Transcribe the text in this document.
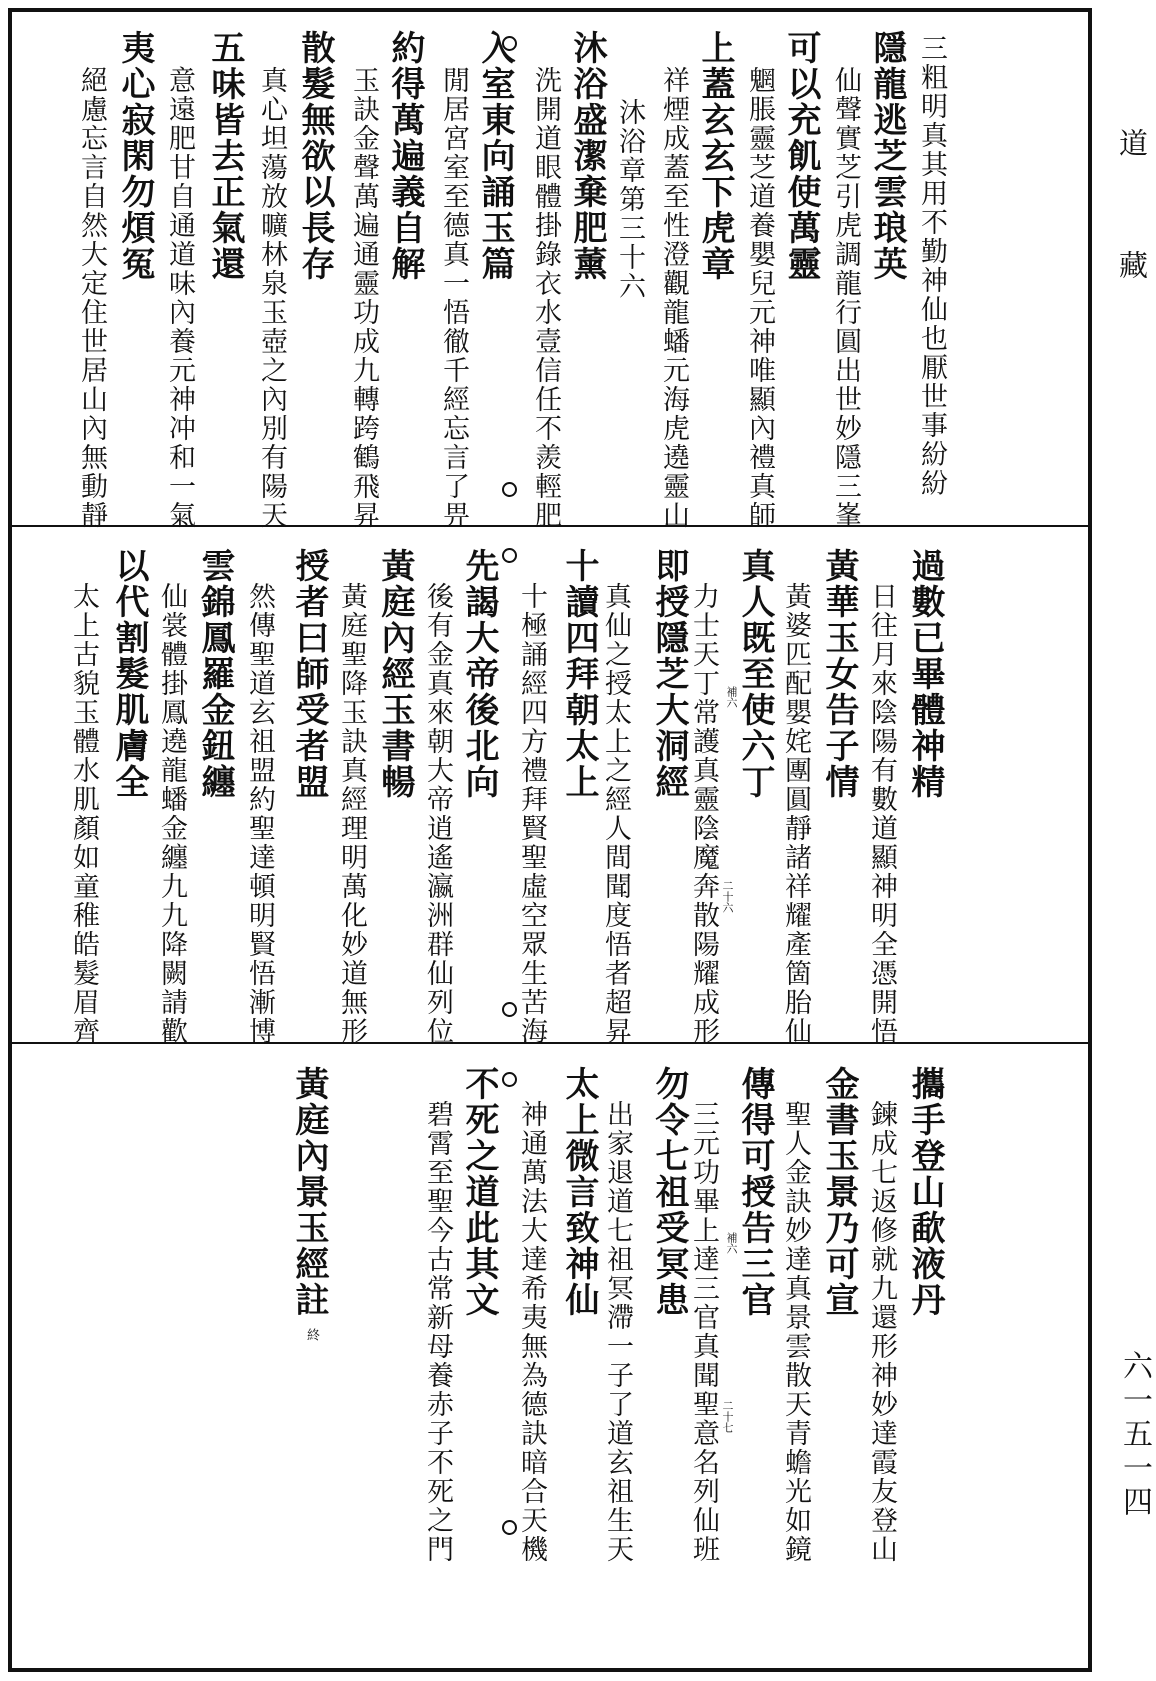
三粗明真其用不勤神仙也厭世事紛紛
隱龍逃芝雲琅英
仙聲實芝引虎調龍行圓出世妙隱三峯
可以充飢使萬靈
魍脹靈芝道養嬰兒元神唯顯內禮真師
上蓋玄玄下虎章
祥煙成蓋至性澄觀龍蟠元海虎遶靈山
沐浴章第三十六
沐浴盛潔棄肥薰
洗開道眼體掛錄衣水壹信任不羨輕肥
入室東向誦玉篇
閒居宮室至德真一悟徹千經忘言了畀
約得萬遍義自解
玉訣金聲萬遍通靈功成九轉跨鶴飛昇
散髮無欲以長存
真心坦蕩放曠林泉玉壺之內別有陽天
五味皆去正氣還
意遠肥甘自通道味內養元神冲和一氣
夷心寂閑勿煩冤
絕慮忘言自然大定住世居山內無動靜
過數已畢體神精
日往月來陰陽有數道顯神明全憑開悟
黃華玉女告子情
黃婆匹配嬰姹團圓靜諸祥耀產箇胎仙
真人既至使六丁
力士天丁常護真靈陰魔奔散陽耀成形
即授隱芝大洞經
真仙之授太上之經人間聞度悟者超昇
十讀四拜朝太上
十極誦經四方禮拜賢聖虛空眾生苦海
先謁大帝後北向
後有金真來朝大帝逍遙瀛洲群仙列位
黃庭內經玉書暢
黃庭聖降玉訣真經理明萬化妙道無形
授者曰師受者盟
然傳聖道玄祖盟約聖達頓明賢悟漸博
雲錦鳳羅金鈕纏
仙裳體掛鳳遶龍蟠金纏九九降闕請歡
以代割髮肌膚全
太上古貌玉體水肌顏如童稚皓髮眉齊	補六
二十六
攜手登山歃液丹
鍊成七返修就九還形神妙達霞友登山
金書玉景乃可宣
聖人金訣妙達真景雲散天青蟾光如鏡
傳得可授告三官
三元功畢上達三官真聞聖意名列仙班
勿令七祖受冥患
出家退道七祖冥滯一子了道玄祖生天
太上微言致神仙
神通萬法大達希夷無為德訣暗合天機
不死之道此其文
碧霄至聖今古常新母養赤子不死之門
黃庭內景玉經註
終
補六
二十七
道
藏
六一五一四
